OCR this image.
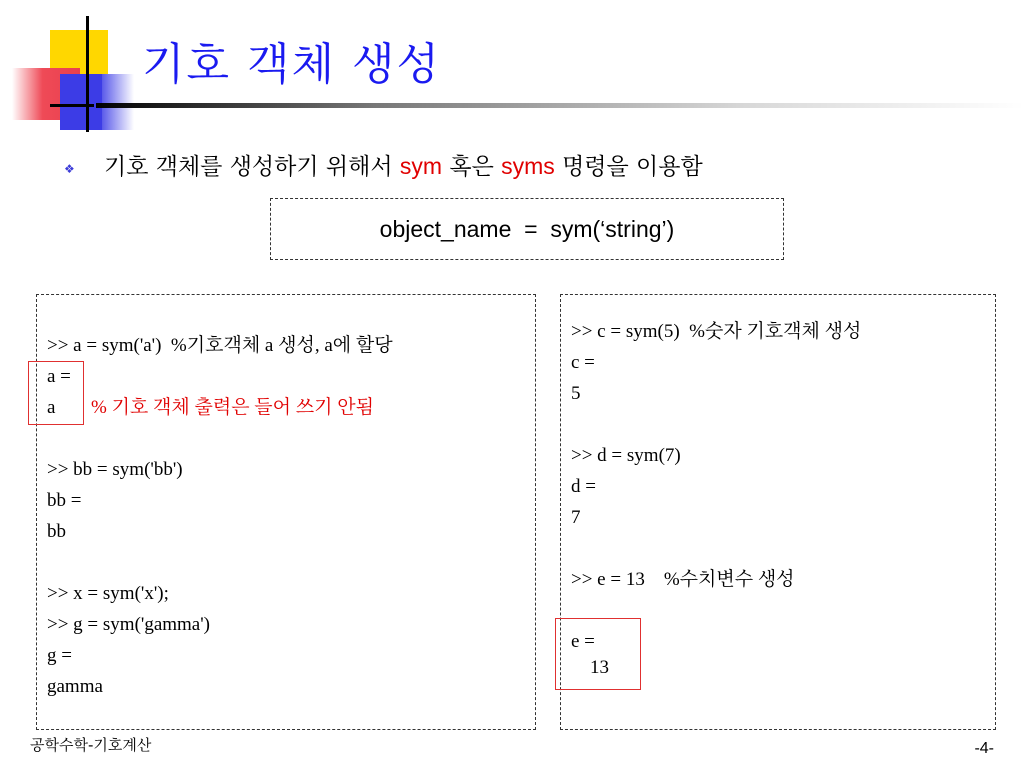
기호 객체 생성
❖ 기호 객체를 생성하기 위해서 sym 혹은 syms 명령을 이용함
object_name  =  sym(‘string’)
>> a = sym('a')  %기호객체 a 생성, a에 할당
a =
a % 기호 객체 출력은 들어 쓰기 안됨
>> bb = sym('bb')
bb =
bb
>> x = sym('x');
>> g = sym('gamma')
g =
gamma
>> c = sym(5)  %숫자 기호객체 생성
c =
5
>> d = sym(7)
d =
7
>> e = 13    %수치변수 생성
e =
13
공학수학-기호계산	-4-
